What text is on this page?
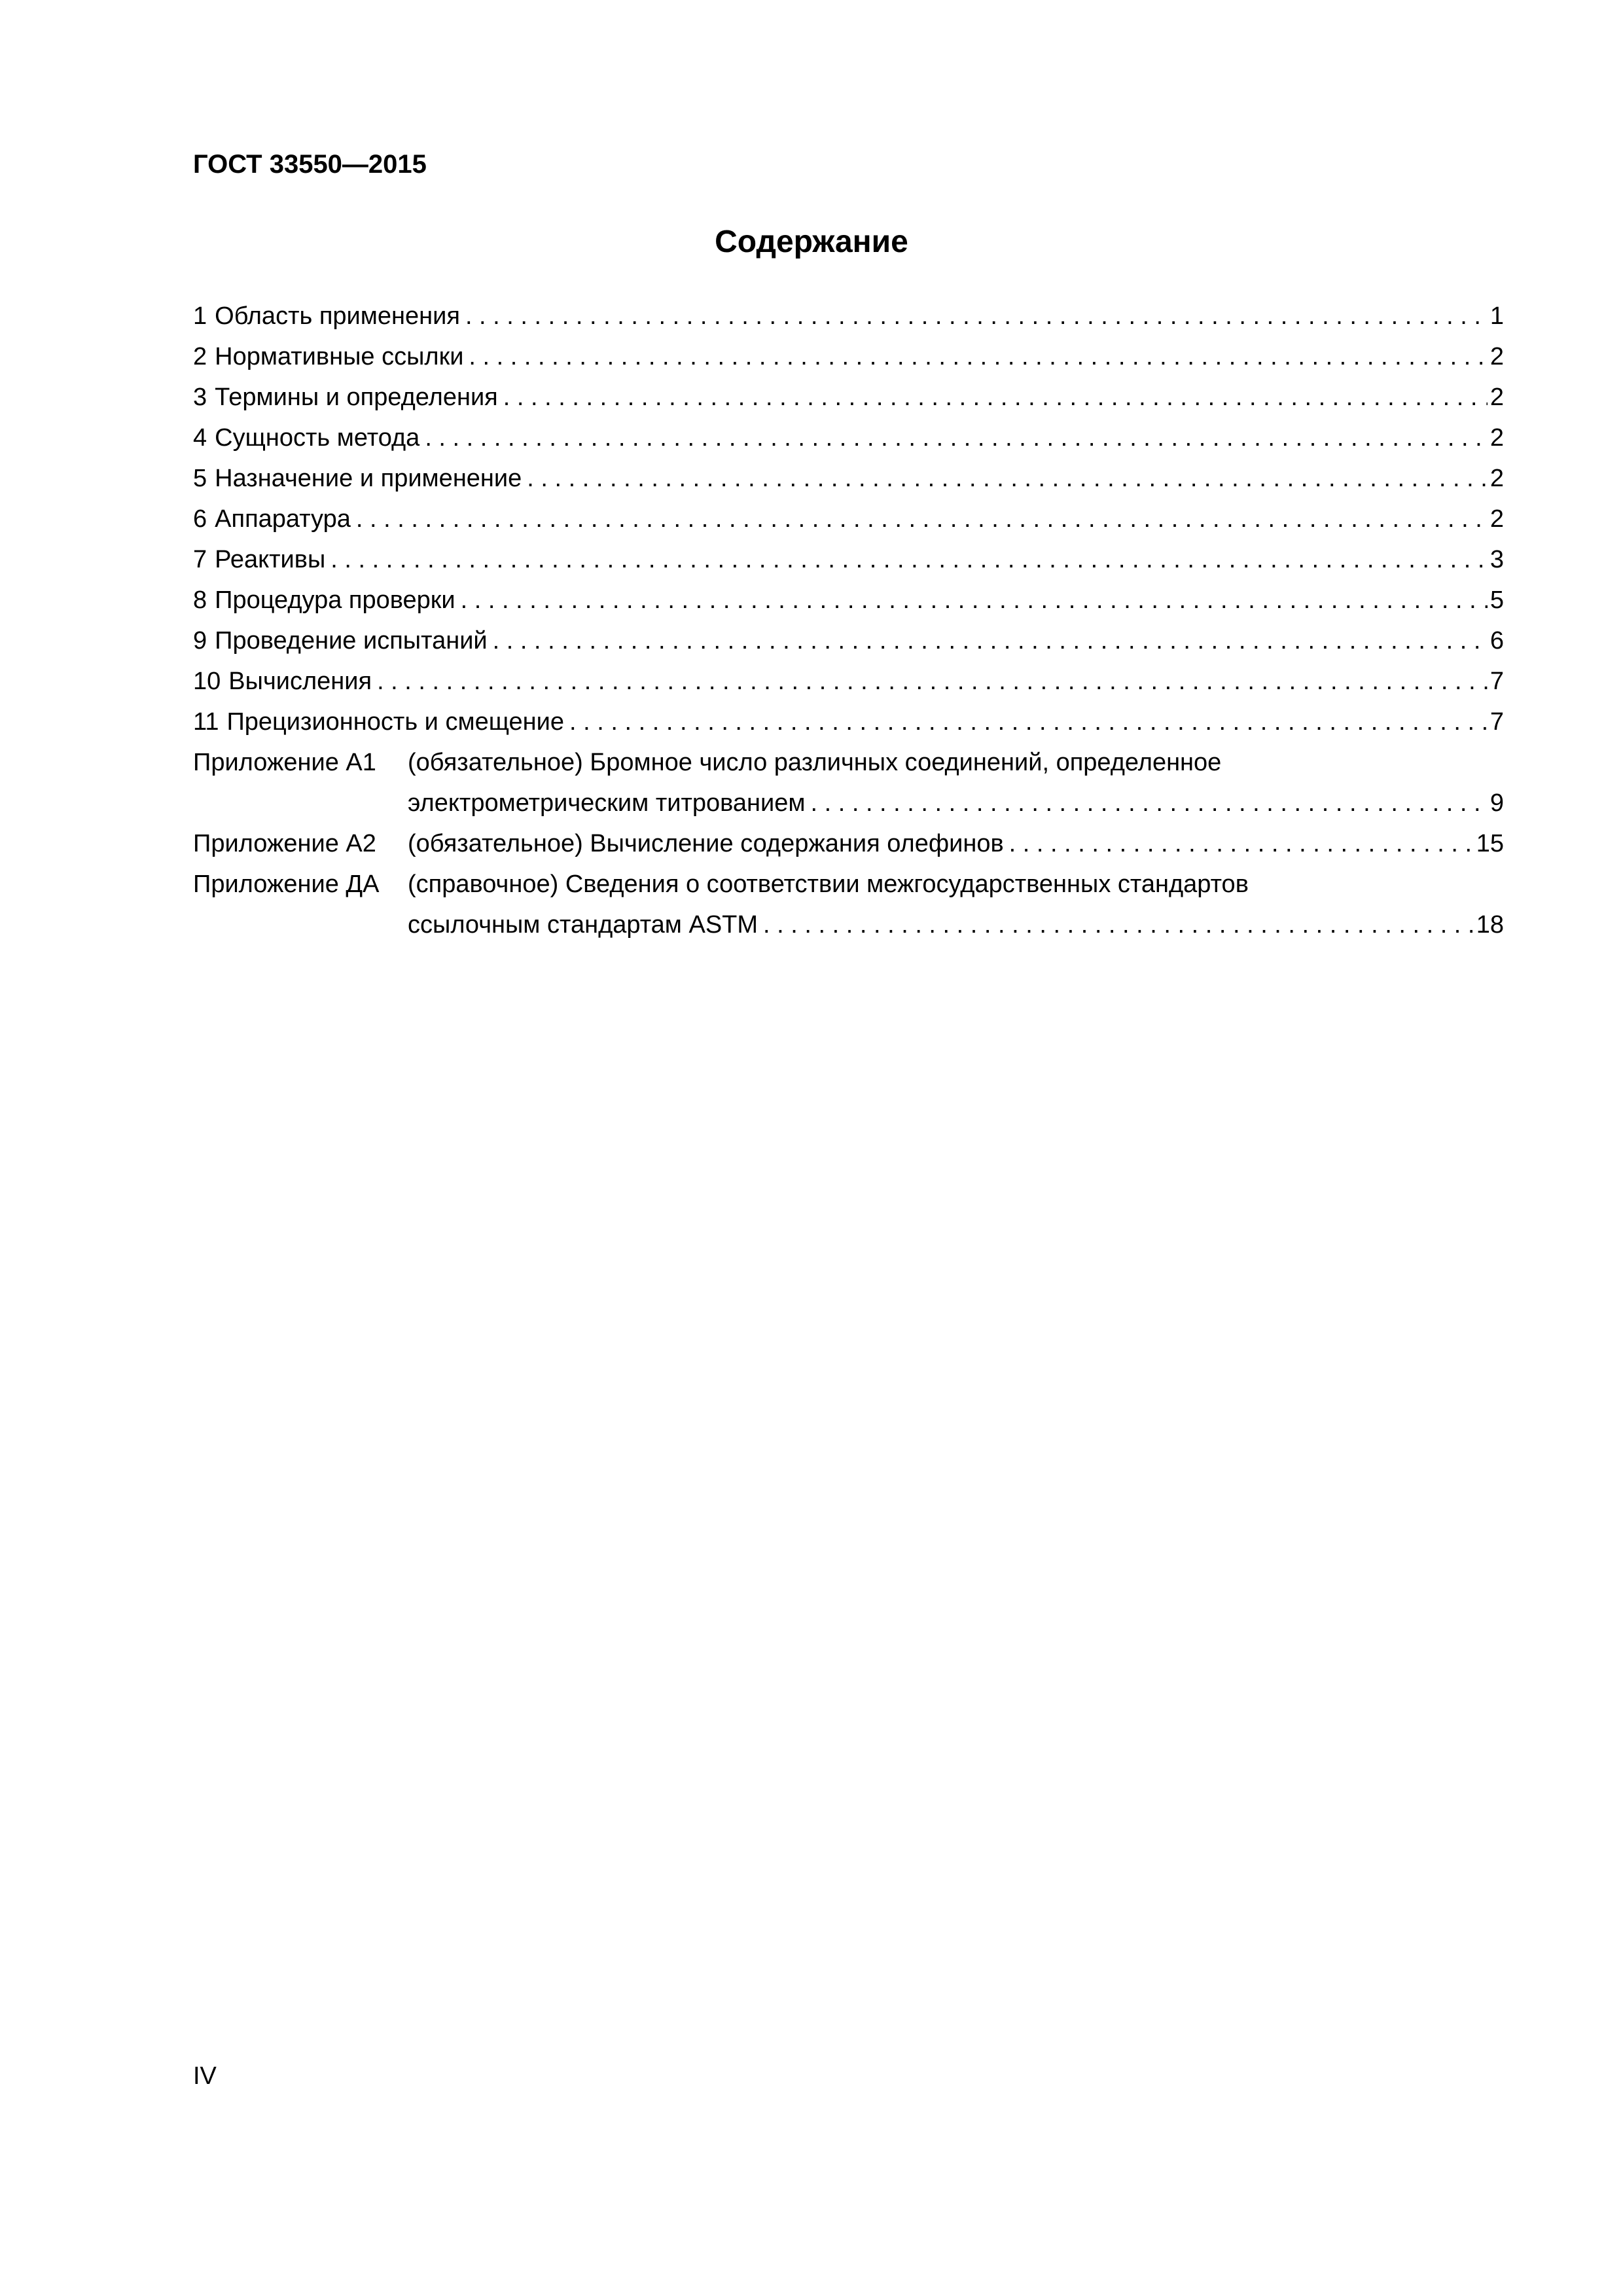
ГОСТ 33550—2015
Содержание
1 Область применения . . .	1
2 Нормативные ссылки . . .	2
3 Термины и определения . . .	2
4 Сущность метода . . .	2
5 Назначение и применение . . .	2
6 Аппаратура . . .	2
7 Реактивы . . .	3
8 Процедура проверки . . .	5
9 Проведение испытаний . . .	6
10 Вычисления . . .	7
11 Прецизионность и смещение . . .	7
Приложение А1	(обязательное) Бромное число различных соединений, определенное
электрометрическим титрованием . . .	9
Приложение А2	(обязательное) Вычисление содержания олефинов . . .	15
Приложение ДА	(справочное) Сведения о соответствии межгосударственных стандартов
ссылочным стандартам ASTM . . .	18
IV
